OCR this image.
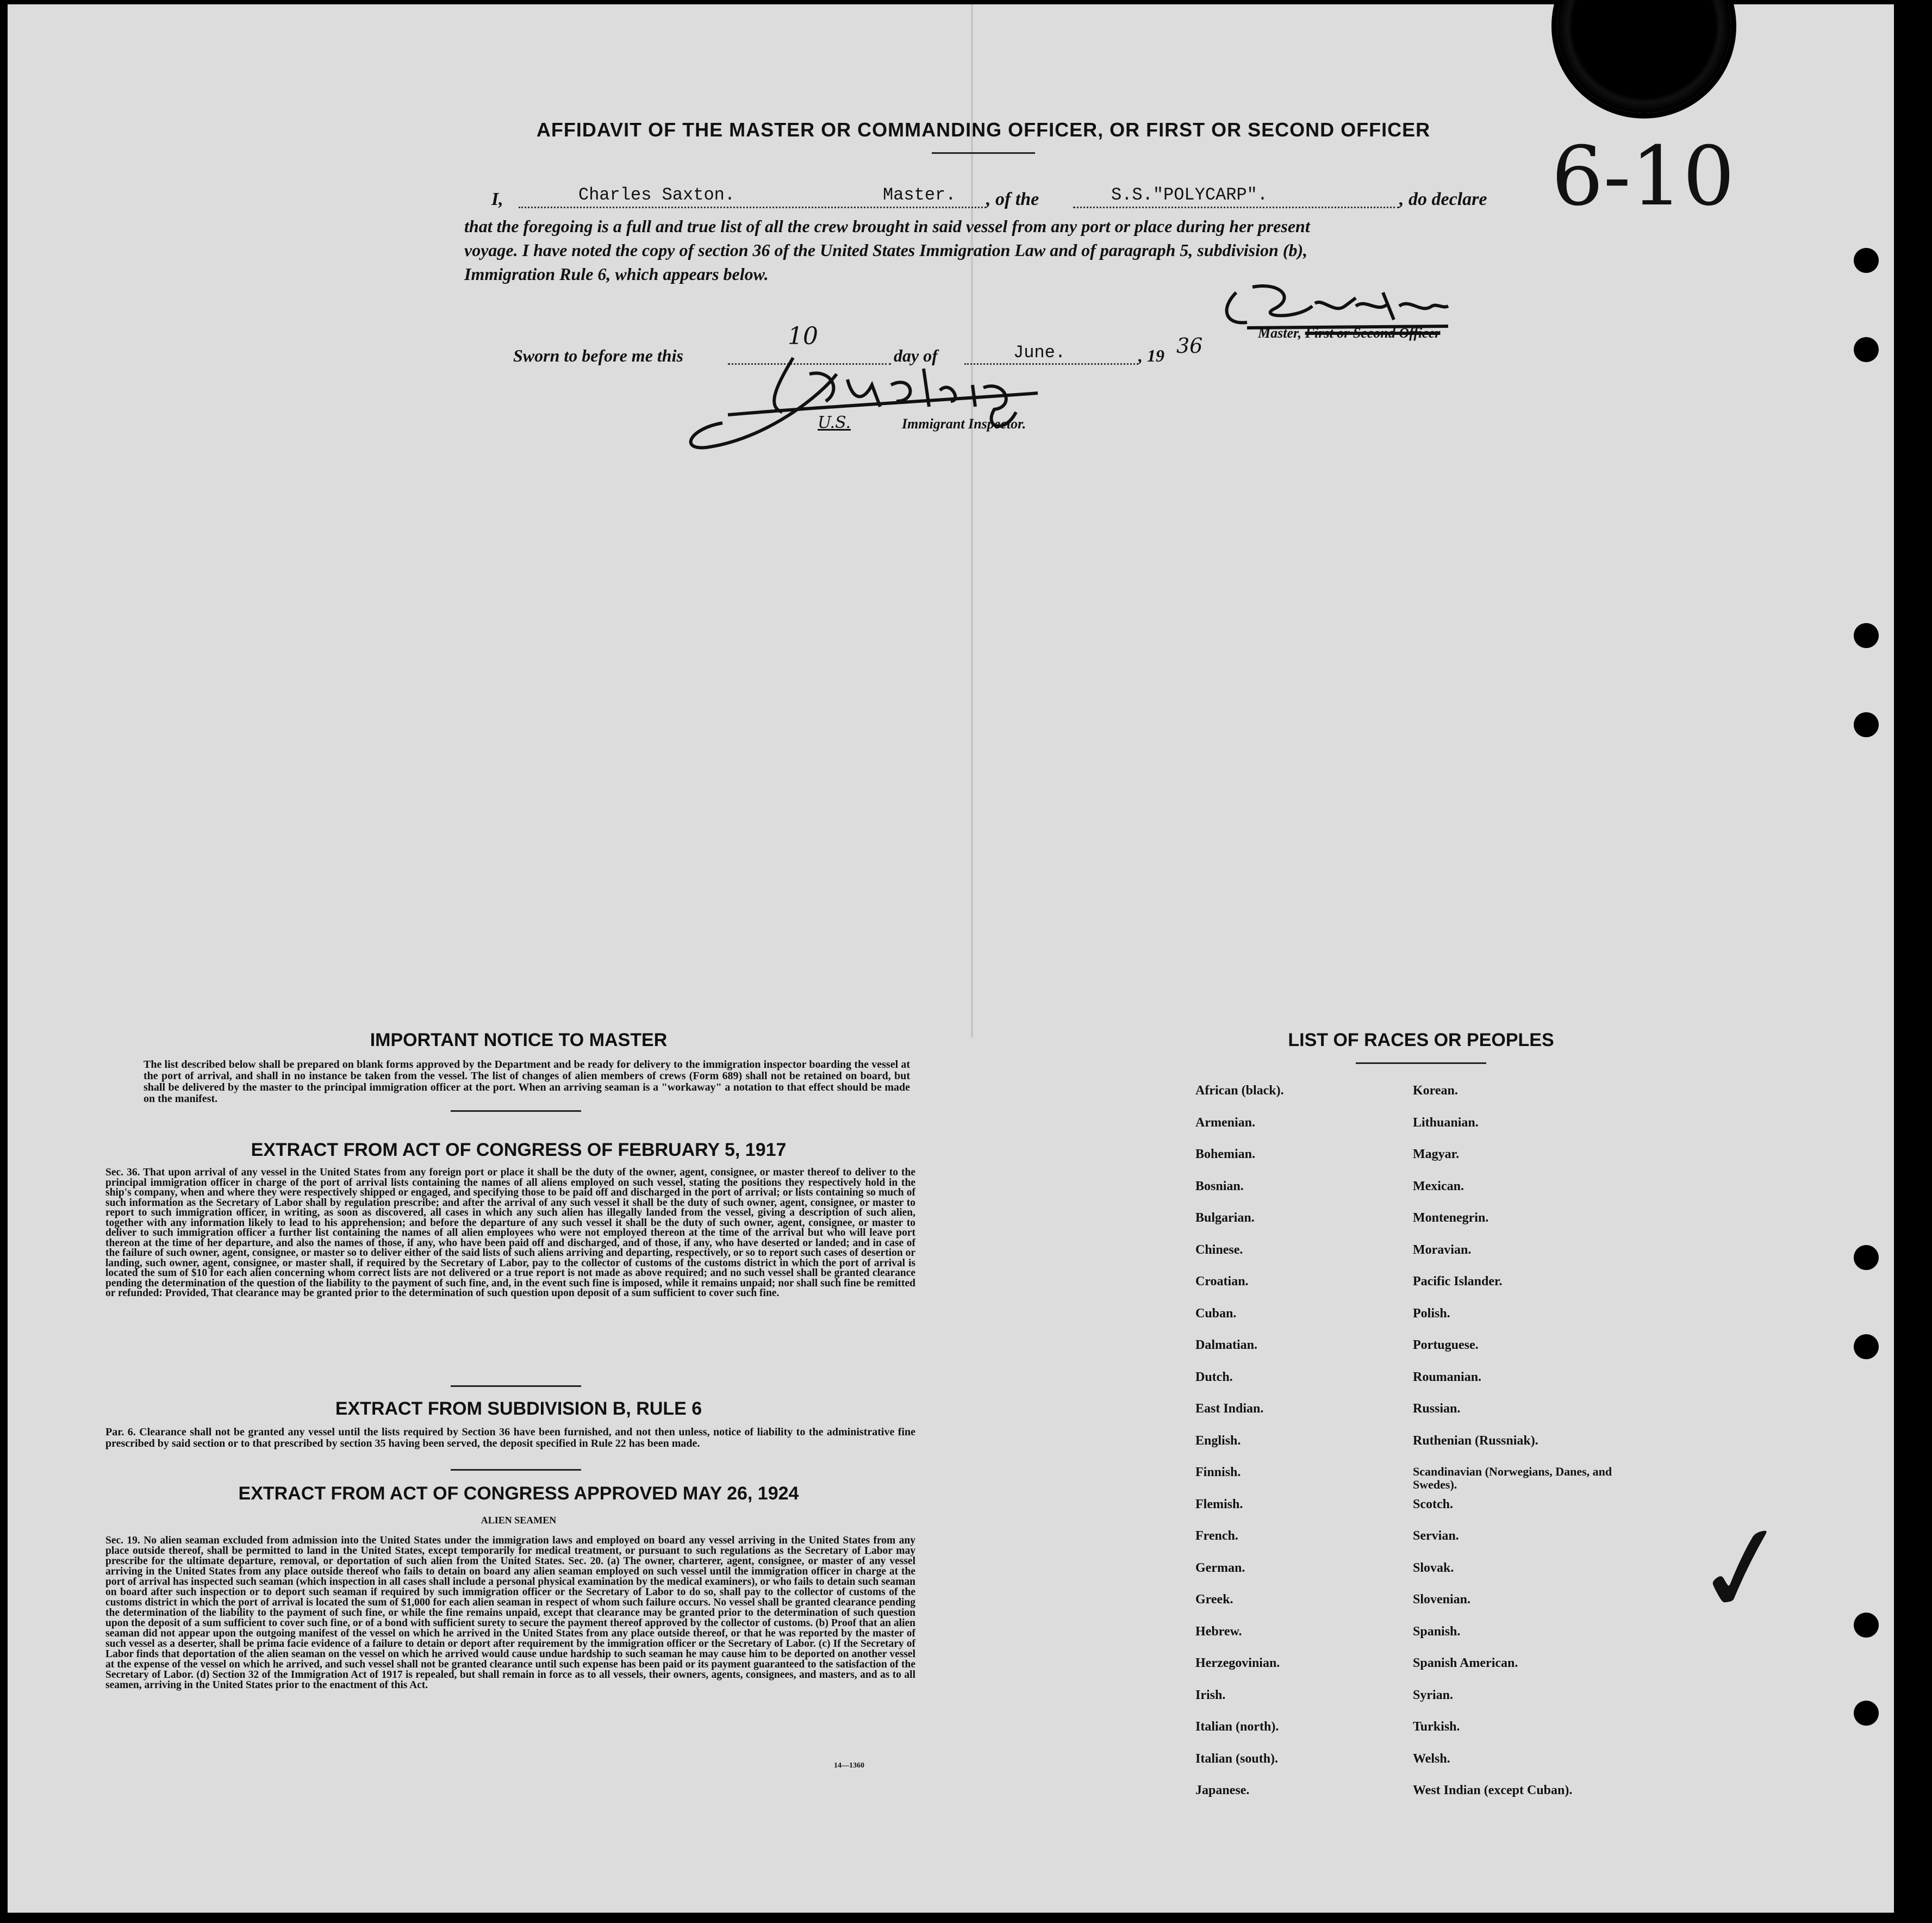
AFFIDAVIT OF THE MASTER OR COMMANDING OFFICER, OR FIRST OR SECOND OFFICER
I,	Charles Saxton.	Master. , of the	S.S."POLYCARP".	, do declare
that the foregoing is a full and true list of all the crew brought in said vessel from any port or place during her present
voyage. I have noted the copy of section 36 of the United States Immigration Law and of paragraph 5, subdivision (b),
Immigration Rule 6, which appears below.
Master, First or Second Officer
Sworn to before me this
10
day of	June.	, 19 36
U.S.	Immigrant Inspector.
6-10
IMPORTANT NOTICE TO MASTER
The list described below shall be prepared on blank forms approved by the Department and be ready for delivery to the immigration inspector boarding the vessel at the port of arrival, and shall in no instance be taken from the vessel. The list of changes of alien members of crews (Form 689) shall not be retained on board, but shall be delivered by the master to the principal immigration officer at the port. When an arriving seaman is a "workaway" a notation to that effect should be made on the manifest.
EXTRACT FROM ACT OF CONGRESS OF FEBRUARY 5, 1917
Sec. 36. That upon arrival of any vessel in the United States from any foreign port or place it shall be the duty of the owner, agent, consignee, or master thereof to deliver to the principal immigration officer in charge of the port of arrival lists containing the names of all aliens employed on such vessel, stating the positions they respectively hold in the ship's company, when and where they were respectively shipped or engaged, and specifying those to be paid off and discharged in the port of arrival; or lists containing so much of such information as the Secretary of Labor shall by regulation prescribe; and after the arrival of any such vessel it shall be the duty of such owner, agent, consignee, or master to report to such immigration officer, in writing, as soon as discovered, all cases in which any such alien has illegally landed from the vessel, giving a description of such alien, together with any information likely to lead to his apprehension; and before the departure of any such vessel it shall be the duty of such owner, agent, consignee, or master to deliver to such immigration officer a further list containing the names of all alien employees who were not employed thereon at the time of the arrival but who will leave port thereon at the time of her departure, and also the names of those, if any, who have been paid off and discharged, and of those, if any, who have deserted or landed; and in case of the failure of such owner, agent, consignee, or master so to deliver either of the said lists of such aliens arriving and departing, respectively, or so to report such cases of desertion or landing, such owner, agent, consignee, or master shall, if required by the Secretary of Labor, pay to the collector of customs of the customs district in which the port of arrival is located the sum of $10 for each alien concerning whom correct lists are not delivered or a true report is not made as above required; and no such vessel shall be granted clearance pending the determination of the question of the liability to the payment of such fine, and, in the event such fine is imposed, while it remains unpaid; nor shall such fine be remitted or refunded: Provided, That clearance may be granted prior to the determination of such question upon deposit of a sum sufficient to cover such fine.
EXTRACT FROM SUBDIVISION B, RULE 6
Par. 6. Clearance shall not be granted any vessel until the lists required by Section 36 have been furnished, and not then unless, notice of liability to the administrative fine prescribed by said section or to that prescribed by section 35 having been served, the deposit specified in Rule 22 has been made.
EXTRACT FROM ACT OF CONGRESS APPROVED MAY 26, 1924
ALIEN SEAMEN
Sec. 19. No alien seaman excluded from admission into the United States under the immigration laws and employed on board any vessel arriving in the United States from any place outside thereof, shall be permitted to land in the United States, except temporarily for medical treatment, or pursuant to such regulations as the Secretary of Labor may prescribe for the ultimate departure, removal, or deportation of such alien from the United States. Sec. 20. (a) The owner, charterer, agent, consignee, or master of any vessel arriving in the United States from any place outside thereof who fails to detain on board any alien seaman employed on such vessel until the immigration officer in charge at the port of arrival has inspected such seaman (which inspection in all cases shall include a personal physical examination by the medical examiners), or who fails to detain such seaman on board after such inspection or to deport such seaman if required by such immigration officer or the Secretary of Labor to do so, shall pay to the collector of customs of the customs district in which the port of arrival is located the sum of $1,000 for each alien seaman in respect of whom such failure occurs. No vessel shall be granted clearance pending the determination of the liability to the payment of such fine, or while the fine remains unpaid, except that clearance may be granted prior to the determination of such question upon the deposit of a sum sufficient to cover such fine, or of a bond with sufficient surety to secure the payment thereof approved by the collector of customs. (b) Proof that an alien seaman did not appear upon the outgoing manifest of the vessel on which he arrived in the United States from any place outside thereof, or that he was reported by the master of such vessel as a deserter, shall be prima facie evidence of a failure to detain or deport after requirement by the immigration officer or the Secretary of Labor. (c) If the Secretary of Labor finds that deportation of the alien seaman on the vessel on which he arrived would cause undue hardship to such seaman he may cause him to be deported on another vessel at the expense of the vessel on which he arrived, and such vessel shall not be granted clearance until such expense has been paid or its payment guaranteed to the satisfaction of the Secretary of Labor. (d) Section 32 of the Immigration Act of 1917 is repealed, but shall remain in force as to all vessels, their owners, agents, consignees, and masters, and as to all seamen, arriving in the United States prior to the enactment of this Act.
14—1360
LIST OF RACES OR PEOPLES
African (black).
Armenian.
Bohemian.
Bosnian.
Bulgarian.
Chinese.
Croatian.
Cuban.
Dalmatian.
Dutch.
East Indian.
English.
Finnish.
Flemish.
French.
German.
Greek.
Hebrew.
Herzegovinian.
Irish.
Italian (north).
Italian (south).
Japanese.
Korean.
Lithuanian.
Magyar.
Mexican.
Montenegrin.
Moravian.
Pacific Islander.
Polish.
Portuguese.
Roumanian.
Russian.
Ruthenian (Russniak).
Scandinavian (Norwegians, Danes, and Swedes).
Scotch.
Servian.
Slovak.
Slovenian.
Spanish.
Spanish American.
Syrian.
Turkish.
Welsh.
West Indian (except Cuban).
✓
